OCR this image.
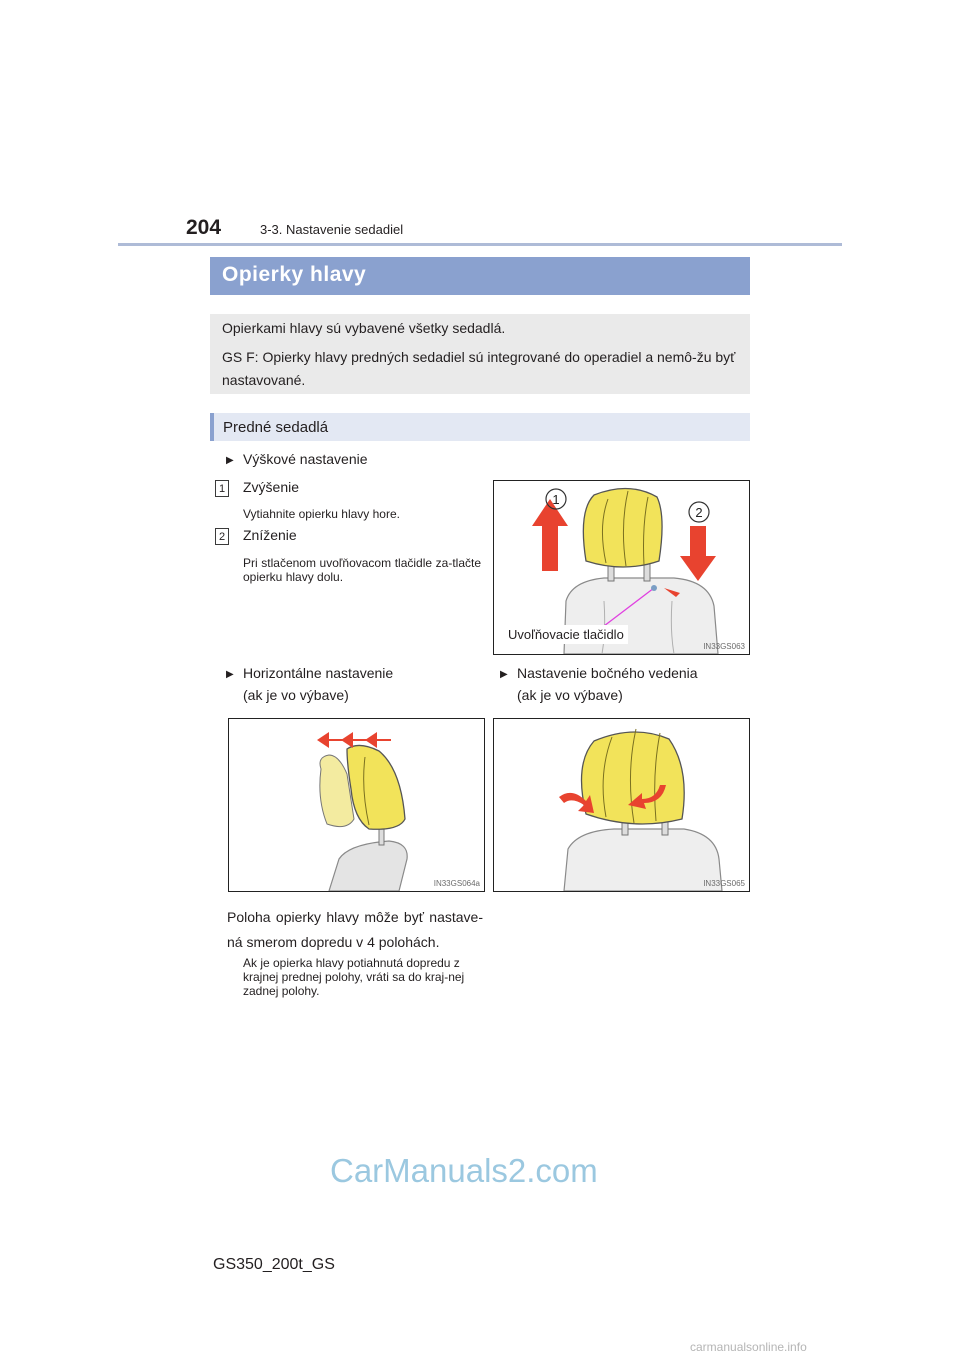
204	3-3. Nastavenie sedadiel
Opierky hlavy
Opierkami hlavy sú vybavené všetky sedadlá.
GS F: Opierky hlavy predných sedadiel sú integrované do operadiel a nemô-žu byť nastavované.
Predné sedadlá
▶ Výškové nastavenie
1 Zvýšenie
Vytiahnite opierku hlavy hore.
2 Zníženie
Pri stlačenom uvoľňovacom tlačidle za-tlačte opierku hlavy dolu.
1
2
Uvoľňovacie tlačidlo
IN33GS063
▶ Horizontálne nastavenie
(ak je vo výbave)
▶ Nastavenie bočného vedenia
(ak je vo výbave)
IN33GS064a	IN33GS065
Poloha opierky hlavy môže byť nastave-ná smerom dopredu v 4 polohách.
Ak je opierka hlavy potiahnutá dopredu z krajnej prednej polohy, vráti sa do kraj-nej zadnej polohy.
CarManuals2.com
GS350_200t_GS
carmanualsonline.info
